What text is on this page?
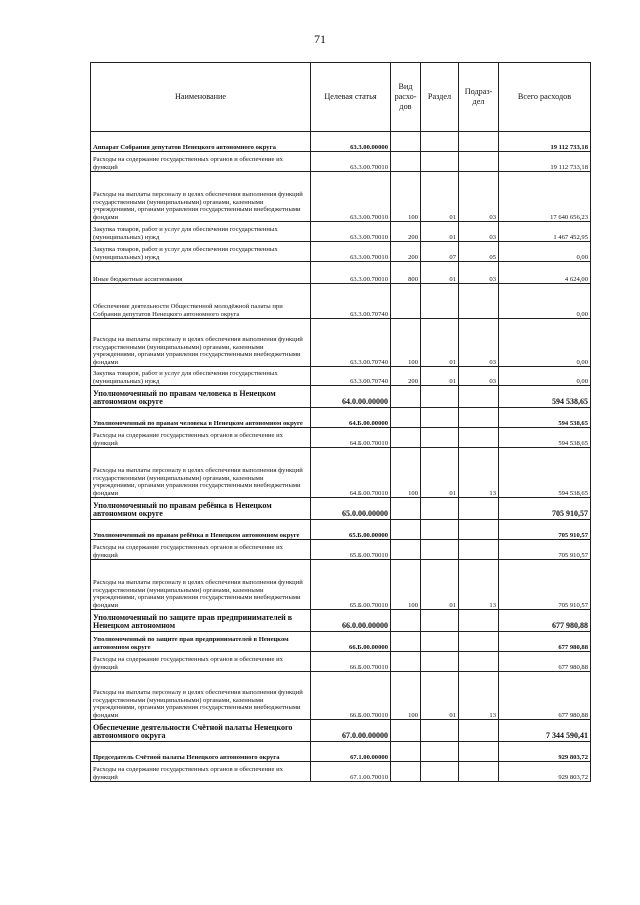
71
Наименование	Целевая статья	Вид расхо- дов	Раздел	Подраз- дел	Всего расходов
Аппарат Собрания депутатов Ненецкого автономного округа	63.3.00.00000				19 112 733,18
Расходы на содержание государственных органов и обеспечение их функций	63.3.00.70010				19 112 733,18
Расходы на выплаты персоналу в целях обеспечения выполнения функций государственными (муниципальными) органами, казенными учреждениями, органами управления государственными внебюджетными фондами	63.3.00.70010	100	01	03	17 640 656,23
Закупка товаров, работ и услуг для обеспечения государственных (муниципальных) нужд	63.3.00.70010	200	01	03	1 467 452,95
Закупка товаров, работ и услуг для обеспечения государственных (муниципальных) нужд	63.3.00.70010	200	07	05	0,00
Иные бюджетные ассигнования	63.3.00.70010	800	01	03	4 624,00
Обеспечение деятельности Общественной молодёжной палаты при Собрании депутатов Ненецкого автономного округа	63.3.00.70740				0,00
Расходы на выплаты персоналу в целях обеспечения выполнения функций государственными (муниципальными) органами, казенными учреждениями, органами управления государственными внебюджетными фондами	63.3.00.70740	100	01	03	0,00
Закупка товаров, работ и услуг для обеспечения государственных (муниципальных) нужд	63.3.00.70740	200	01	03	0,00
Уполномоченный по правам человека в Ненецком автономном округе	64.0.00.00000				594 538,65
Уполномоченный по правам человека в Ненецком автономном округе	64.Б.00.00000				594 538,65
Расходы на содержание государственных органов и обеспечение их функций	64.Б.00.70010				594 538,65
Расходы на выплаты персоналу в целях обеспечения выполнения функций государственными (муниципальными) органами, казенными учреждениями, органами управления государственными внебюджетными фондами	64.Б.00.70010	100	01	13	594 538,65
Уполномоченный по правам ребёнка в Ненецком автономном округе	65.0.00.00000				705 910,57
Уполномоченный по правам ребёнка в Ненецком автономном округе	65.Б.00.00000				705 910,57
Расходы на содержание государственных органов и обеспечение их функций	65.Б.00.70010				705 910,57
Расходы на выплаты персоналу в целях обеспечения выполнения функций государственными (муниципальными) органами, казенными учреждениями, органами управления государственными внебюджетными фондами	65.Б.00.70010	100	01	13	705 910,57
Уполномоченный по защите прав предпринимателей в Ненецком автономном	66.0.00.00000				677 980,88
Уполномоченный по защите прав предпринимателей в Ненецком автономном округе	66.Б.00.00000				677 980,88
Расходы на содержание государственных органов и обеспечение их функций	66.Б.00.70010				677 980,88
Расходы на выплаты персоналу в целях обеспечения выполнения функций государственными (муниципальными) органами, казенными учреждениями, органами управления государственными внебюджетными фондами	66.Б.00.70010	100	01	13	677 980,88
Обеспечение деятельности Счётной палаты Ненецкого автономного округа	67.0.00.00000				7 344 590,41
Председатель Счётной палаты Ненецкого автономного округа	67.1.00.00000				929 803,72
Расходы на содержание государственных органов и обеспечение их функций	67.1.00.70010				929 803,72
